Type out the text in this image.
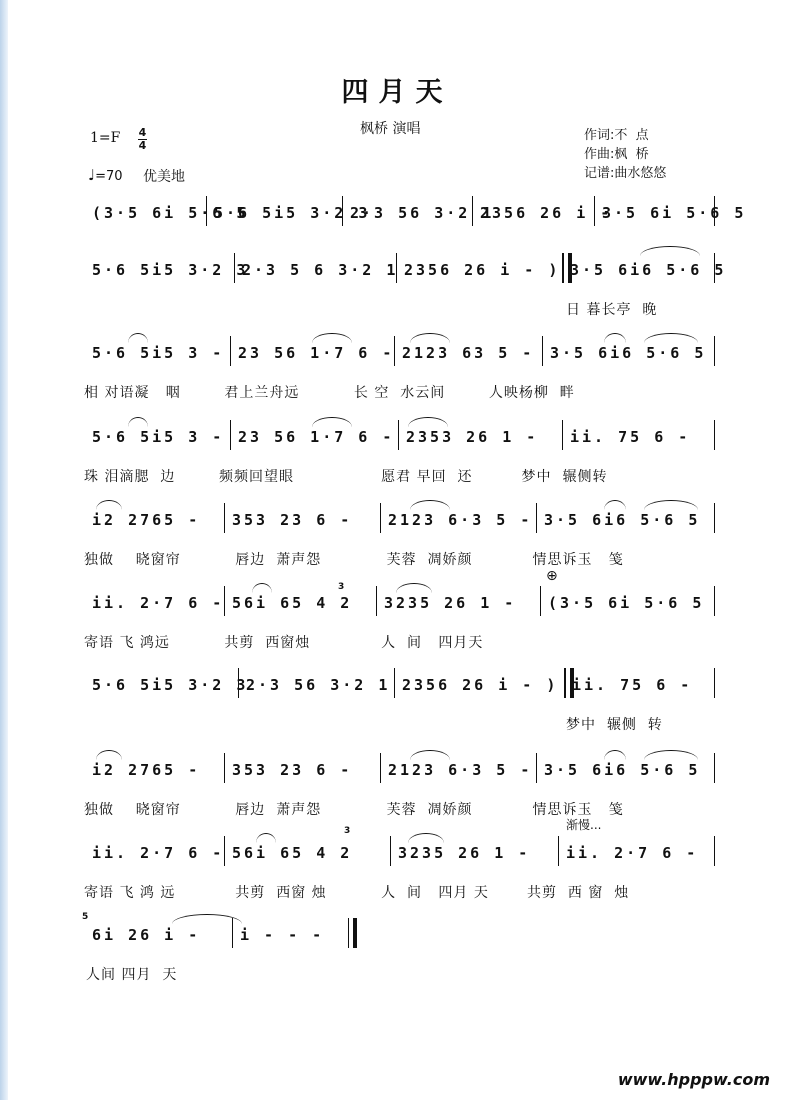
四月天
枫桥 演唱	作词:不  点
作曲:枫  桥
记谱:曲水悠悠
1=F 4
4
♩=70 优美地
(3·5 6i 5·6 5
5·6 5i5 3·2 3
2·3 56 3·2 1
2356 26 i -
3·5 6i 5·6 5
5·6 5i5 3·2 3
2·3 5 6 3·2 1 2356 26 i - ) 3·5 6i6 5·6 5
日 暮长亭  晚
5·6 5i5 3 - 23 56 1·7 6 - 2123 63 5 - 3·5 6i6 5·6 5
相 对语凝   咽        君上兰舟远          长 空  水云间        人映杨柳  畔
5·6 5i5 3 - 23 56 1·7 6 - 2353 26 1 -	ii. 75 6 -
珠 泪滴腮  边        频频回望眼                愿君 早回  还         梦中  辗侧转
i2 2765 -	353 23 6 -	2123 6·3 5 - 3·5 6i6 5·6 5
独做    晓窗帘          唇边  萧声怨            芙蓉  凋娇颜           情思诉玉   笺
ii. 2·7 6 - 56i 65 4 2	3235 26 1 -	(3·5 6i 5·6 5
寄语 飞 鸿远          共剪  西窗烛             人  间   四月天
5·6 5i5 3·2 3
2·3 56 3·2 1 2356 26 i - ) ii. 75 6 -
梦中  辗侧  转
i2 2765 -	353 23 6 -	2123 6·3 5 - 3·5 6i6 5·6 5
独做    晓窗帘          唇边  萧声怨            芙蓉  凋娇颜           情思诉玉   笺
ii. 2·7 6 - 56i 65 4 2	3235 26 1 -	ii. 2·7 6 -
寄语 飞 鸿 远           共剪  西窗 烛          人  间   四月 天       共剪  西 窗  烛
6i 26 i -	i - - -
人间 四月  天
3
3
5
渐慢...
⊕
www.hpppw.com
